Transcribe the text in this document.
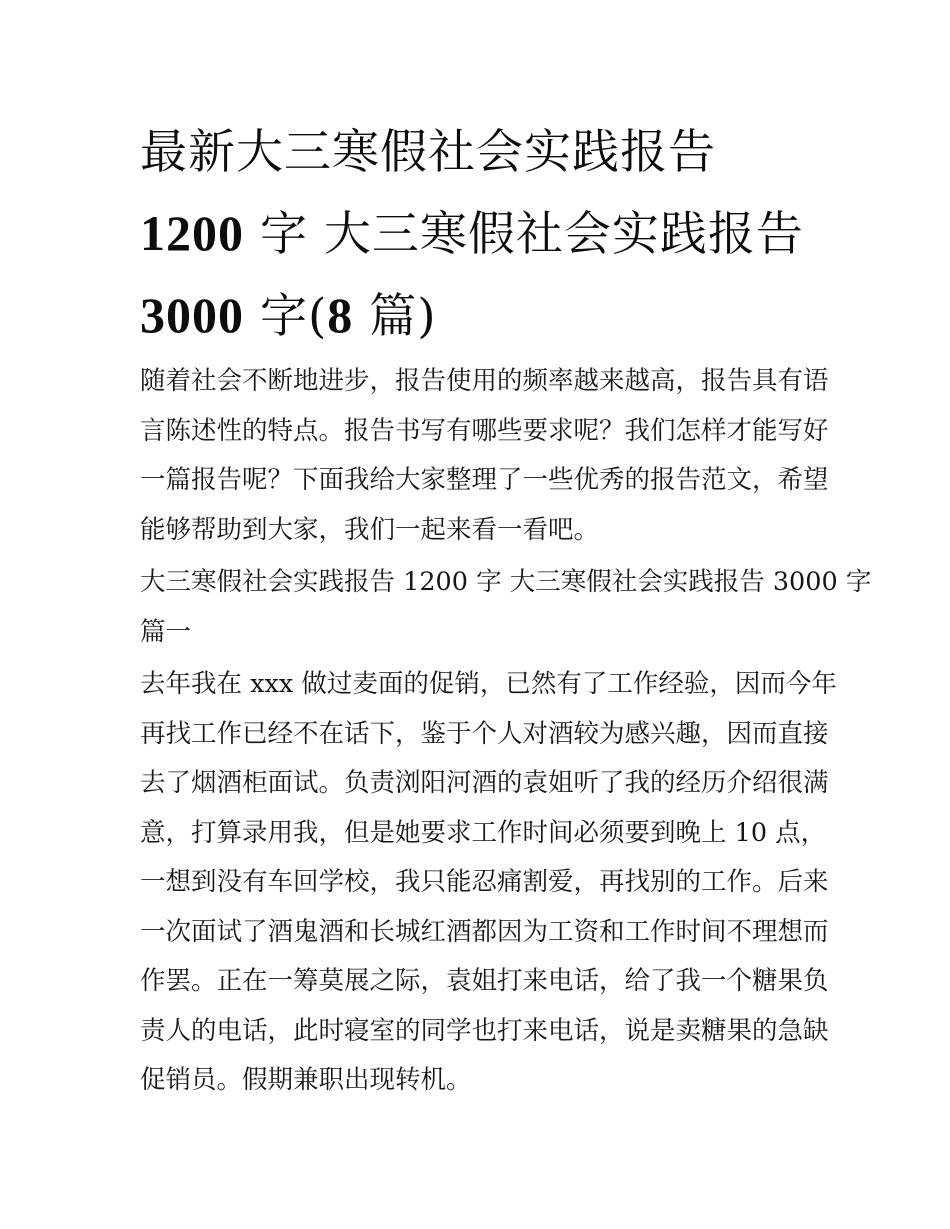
最新大三寒假社会实践报告
1200 字 大三寒假社会实践报告
3000 字(8 篇)

随着社会不断地进步，报告使用的频率越来越高，报告具有语
言陈述性的特点。报告书写有哪些要求呢？我们怎样才能写好
一篇报告呢？下面我给大家整理了一些优秀的报告范文，希望
能够帮助到大家，我们一起来看一看吧。

大三寒假社会实践报告 1200 字 大三寒假社会实践报告 3000 字
篇一

去年我在 xxx 做过麦面的促销，已然有了工作经验，因而今年
再找工作已经不在话下，鉴于个人对酒较为感兴趣，因而直接
去了烟酒柜面试。负责浏阳河酒的袁姐听了我的经历介绍很满
意，打算录用我，但是她要求工作时间必须要到晚上 10 点，
一想到没有车回学校，我只能忍痛割爱，再找别的工作。后来
一次面试了酒鬼酒和长城红酒都因为工资和工作时间不理想而
作罢。正在一筹莫展之际，袁姐打来电话，给了我一个糖果负
责人的电话，此时寝室的同学也打来电话，说是卖糖果的急缺
促销员。假期兼职出现转机。
